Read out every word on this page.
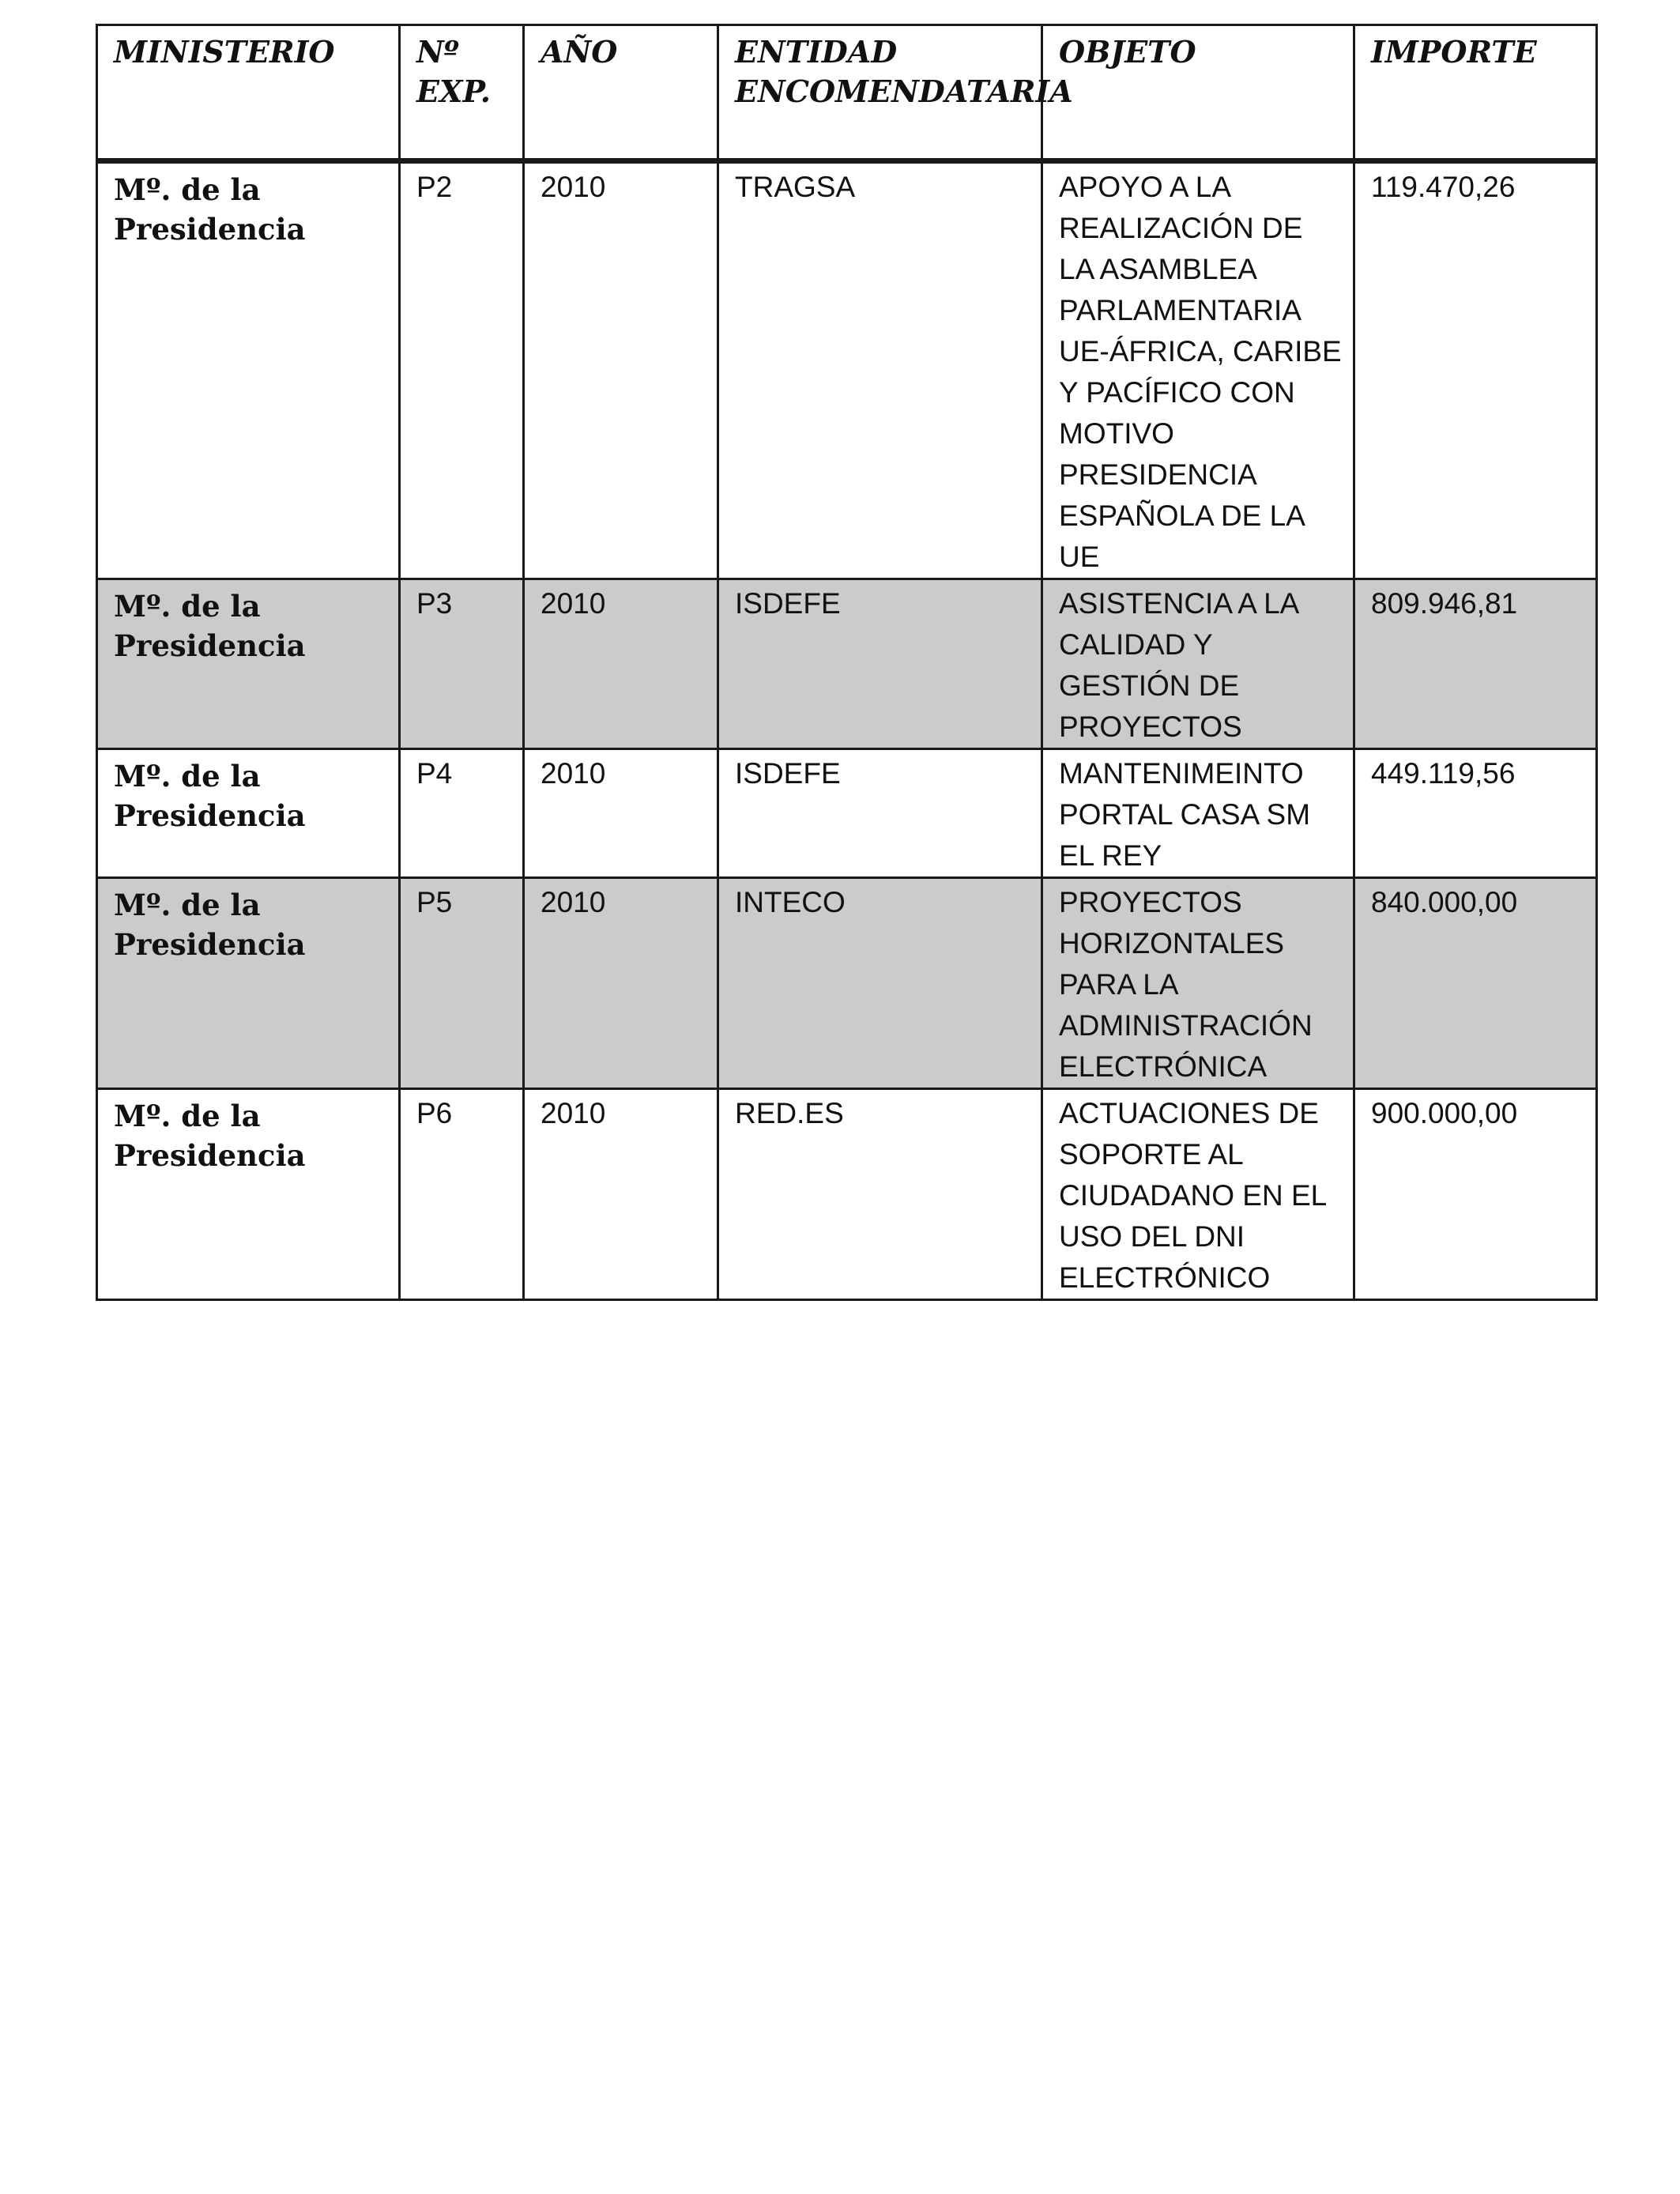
MINISTERIO	Nº EXP.	AÑO	ENTIDAD ENCOMENDATARIA	OBJETO	IMPORTE
Mº. de la Presidencia	P2	2010	TRAGSA	APOYO A LA REALIZACIÓN DE LA ASAMBLEA PARLAMENTARIA UE-ÁFRICA, CARIBE Y PACÍFICO CON MOTIVO PRESIDENCIA ESPAÑOLA DE LA UE	119.470,26
Mº. de la Presidencia	P3	2010	ISDEFE	ASISTENCIA A LA CALIDAD Y GESTIÓN DE PROYECTOS	809.946,81
Mº. de la Presidencia	P4	2010	ISDEFE	MANTENIMEINTO PORTAL CASA SM EL REY	449.119,56
Mº. de la Presidencia	P5	2010	INTECO	PROYECTOS HORIZONTALES PARA LA ADMINISTRACIÓN ELECTRÓNICA	840.000,00
Mº. de la Presidencia	P6	2010	RED.ES	ACTUACIONES DE SOPORTE AL CIUDADANO EN EL USO DEL DNI ELECTRÓNICO	900.000,00
